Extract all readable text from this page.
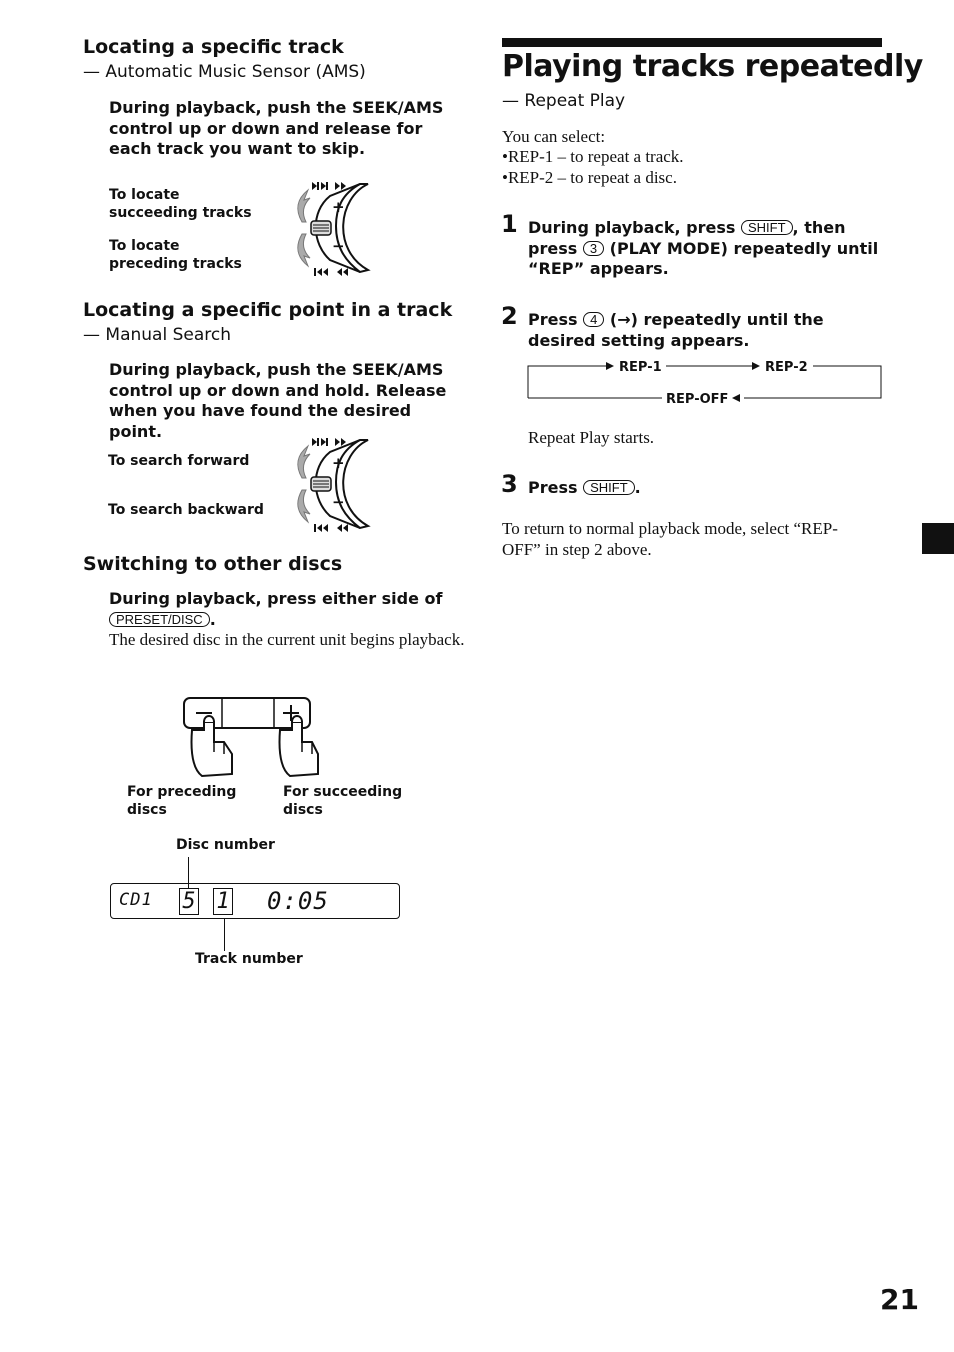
Locating a specific track
— Automatic Music Sensor (AMS)
During playback, push the SEEK/AMS control up or down and release for each track you want to skip.
To locate succeeding tracks
To locate preceding tracks
+
−
Locating a specific point in a track
— Manual Search
During playback, push the SEEK/AMS control up or down and hold. Release when you have found the desired point.
To search forward
To search backward
+
−
Switching to other discs
During playback, press either side of
PRESET/DISC .
The desired disc in the current unit begins playback.
For preceding discs
For succeeding discs
Disc number
CD1 5 1 0:05
Track number
Playing tracks repeatedly
— Repeat Play
You can select:
•REP-1 – to repeat a track.
•REP-2 – to repeat a disc.
1 During playback, press SHIFT , then press 3 (PLAY MODE) repeatedly until “REP” appears.
2 Press 4 (→) repeatedly until the desired setting appears.
REP-1	REP-2
REP-OFF
Repeat Play starts.
3 Press SHIFT .
To return to normal playback mode, select “REP-OFF” in step 2 above.
21
